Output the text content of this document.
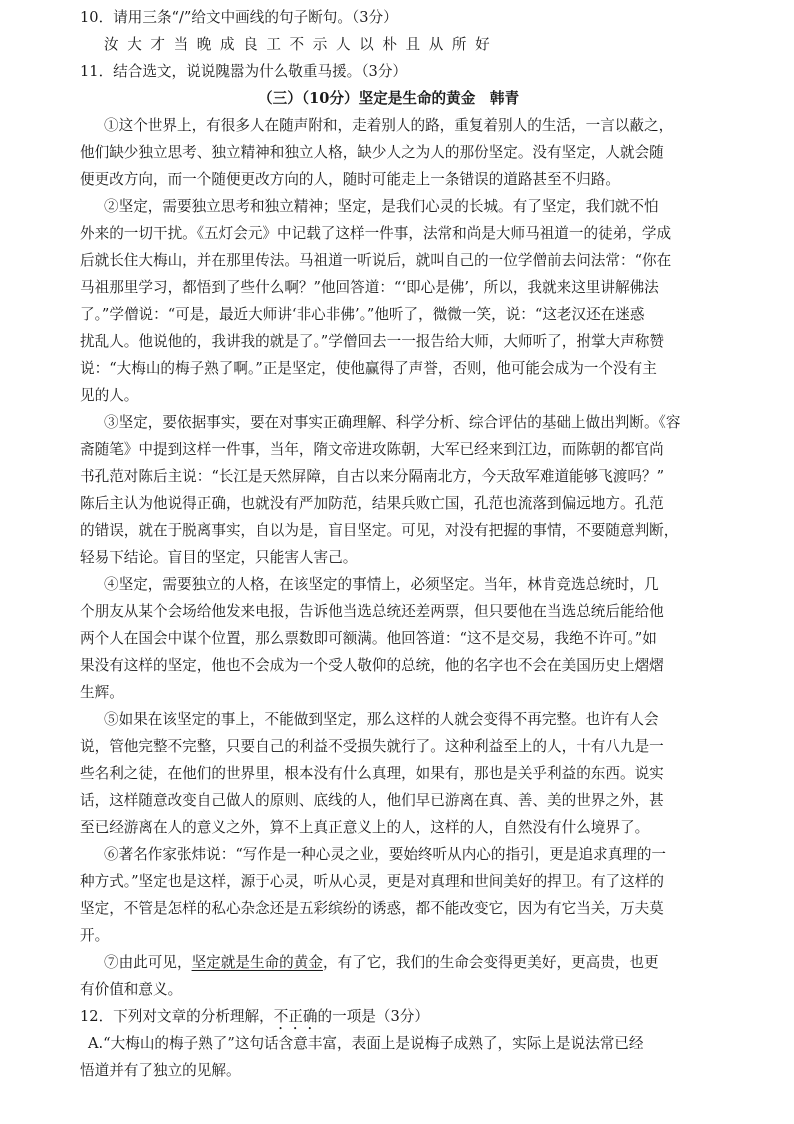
10．请用三条“/”给文中画线的句子断句。（3分）
汝大才当晚成良工不示人以朴且从所好
11．结合选文，说说隗嚣为什么敬重马援。（3分）
（三）（10分）坚定是生命的黄金　韩青
①这个世界上，有很多人在随声附和，走着别人的路，重复着别人的生活，一言以蔽之，
他们缺少独立思考、独立精神和独立人格，缺少人之为人的那份坚定。没有坚定，人就会随
便更改方向，而一个随便更改方向的人，随时可能走上一条错误的道路甚至不归路。
②坚定，需要独立思考和独立精神；坚定，是我们心灵的长城。有了坚定，我们就不怕
外来的一切干扰。《五灯会元》中记载了这样一件事，法常和尚是大师马祖道一的徒弟，学成
后就长住大梅山，并在那里传法。马祖道一听说后，就叫自己的一位学僧前去问法常：“你在
马祖那里学习，都悟到了些什么啊？”他回答道：“‘即心是佛’，所以，我就来这里讲解佛法
了。”学僧说：“可是，最近大师讲‘非心非佛’。”他听了，微微一笑，说：“这老汉还在迷惑
扰乱人。他说他的，我讲我的就是了。”学僧回去一一报告给大师，大师听了，拊掌大声称赞
说：“大梅山的梅子熟了啊。”正是坚定，使他赢得了声誉，否则，他可能会成为一个没有主
见的人。
③坚定，要依据事实，要在对事实正确理解、科学分析、综合评估的基础上做出判断。《容
斋随笔》中提到这样一件事，当年，隋文帝进攻陈朝，大军已经来到江边，而陈朝的都官尚
书孔范对陈后主说：“长江是天然屏障，自古以来分隔南北方，今天敌军难道能够飞渡吗？”
陈后主认为他说得正确，也就没有严加防范，结果兵败亡国，孔范也流落到偏远地方。孔范
的错误，就在于脱离事实，自以为是，盲目坚定。可见，对没有把握的事情，不要随意判断，
轻易下结论。盲目的坚定，只能害人害己。
④坚定，需要独立的人格，在该坚定的事情上，必须坚定。当年，林肯竞选总统时，几
个朋友从某个会场给他发来电报，告诉他当选总统还差两票，但只要他在当选总统后能给他
两个人在国会中谋个位置，那么票数即可额满。他回答道：“这不是交易，我绝不许可。”如
果没有这样的坚定，他也不会成为一个受人敬仰的总统，他的名字也不会在美国历史上熠熠
生辉。
⑤如果在该坚定的事上，不能做到坚定，那么这样的人就会变得不再完整。也许有人会
说，管他完整不完整，只要自己的利益不受损失就行了。这种利益至上的人，十有八九是一
些名利之徒，在他们的世界里，根本没有什么真理，如果有，那也是关乎利益的东西。说实
话，这样随意改变自己做人的原则、底线的人，他们早已游离在真、善、美的世界之外，甚
至已经游离在人的意义之外，算不上真正意义上的人，这样的人，自然没有什么境界了。
⑥著名作家张炜说：“写作是一种心灵之业，要始终听从内心的指引，更是追求真理的一
种方式。”坚定也是这样，源于心灵，听从心灵，更是对真理和世间美好的捍卫。有了这样的
坚定，不管是怎样的私心杂念还是五彩缤纷的诱惑，都不能改变它，因为有它当关，万夫莫
开。
⑦由此可见，坚定就是生命的黄金，有了它，我们的生命会变得更美好，更高贵，也更
有价值和意义。
12．下列对文章的分析理解，不正确的一项是（3分）
A.“大梅山的梅子熟了”这句话含意丰富，表面上是说梅子成熟了，实际上是说法常已经
悟道并有了独立的见解。
